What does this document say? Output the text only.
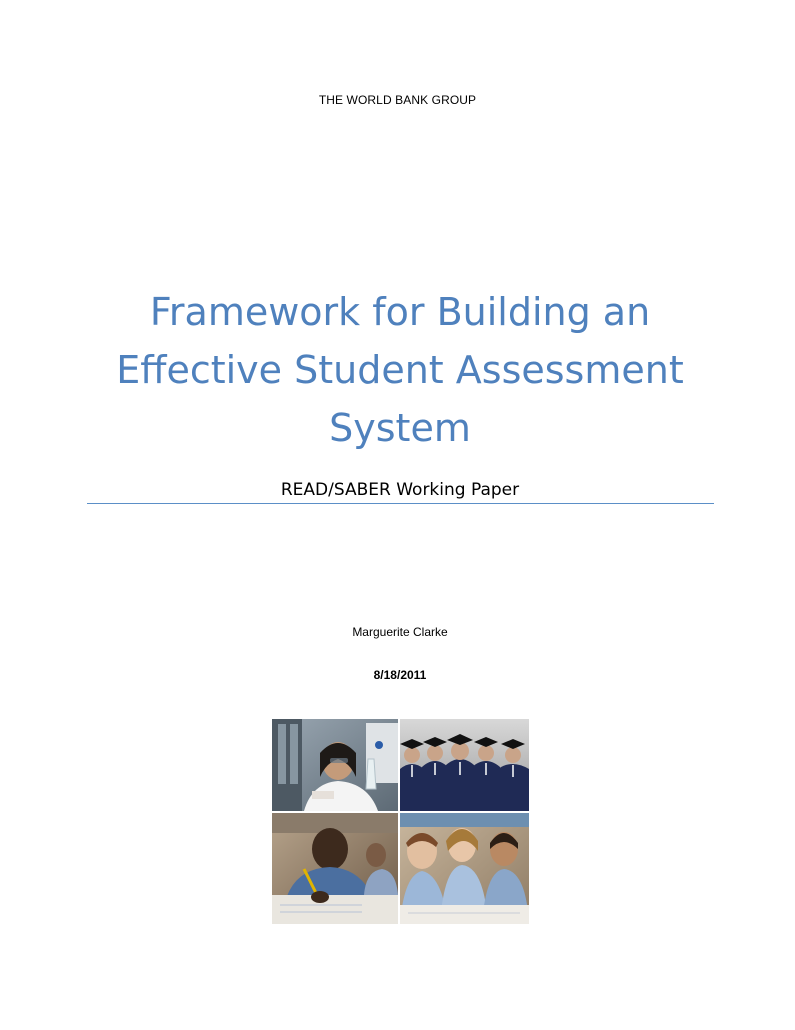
THE WORLD BANK GROUP
Framework for Building an
Effective Student Assessment
System
READ/SABER Working Paper
Marguerite Clarke
8/18/2011
